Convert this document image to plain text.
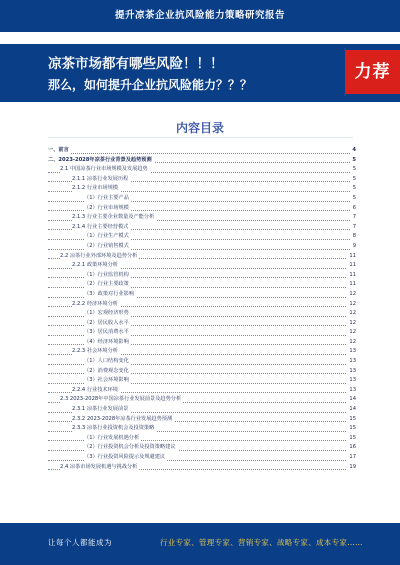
提升凉茶企业抗风险能力策略研究报告
凉茶市场都有哪些风险！！！
那么，如何提升企业抗风险能力？？？
力荐
内容目录
一、前言	4
二、2023-2028年凉茶行业背景及趋势预测	5
2.1 中国凉茶行业市场规模及发展趋势	5
2.1.1 凉茶行业发展历程	5
2.1.2 行业市场规模	5
（1）行业主要产品	5
（2）行业市场规模	6
2.1.3 行业主要企业数量及产能分析	7
2.1.4 行业主要经营模式	7
（1）行业生产模式	8
（2）行业销售模式	9
2.2 凉茶行业外部环境及趋势分析	11
2.2.1 政策环境分析	11
（1）行业监管机构	11
（2）行业主要政策	11
（3）政策对行业影响	12
2.2.2 经济环境分析	12
（1）宏观经济形势	12
（2）居民收入水平	12
（3）居民消费水平	12
（4）经济环境影响	12
2.2.3 社会环境分析	13
（1）人口结构变化	13
（2）消费观念变化	13
（3）社会环境影响	13
2.2.4 行业技术环境	13
2.3 2023-2028年中国凉茶行业发展前景及趋势分析	14
2.3.1 凉茶行业发展前景	14
2.3.2 2023-2028年凉茶行业发展趋势预测	15
2.3.3 凉茶行业投资机会及投资策略	15
（1）行业发展机遇分析	15
（2）行业投资机会分析及投资策略建议	16
（3）行业投资风险提示及规避建议	17
2.4 凉茶市场发展机遇与挑战分析	19
让每个人都能成为	行业专家、管理专家、营销专家、战略专家、成本专家……
